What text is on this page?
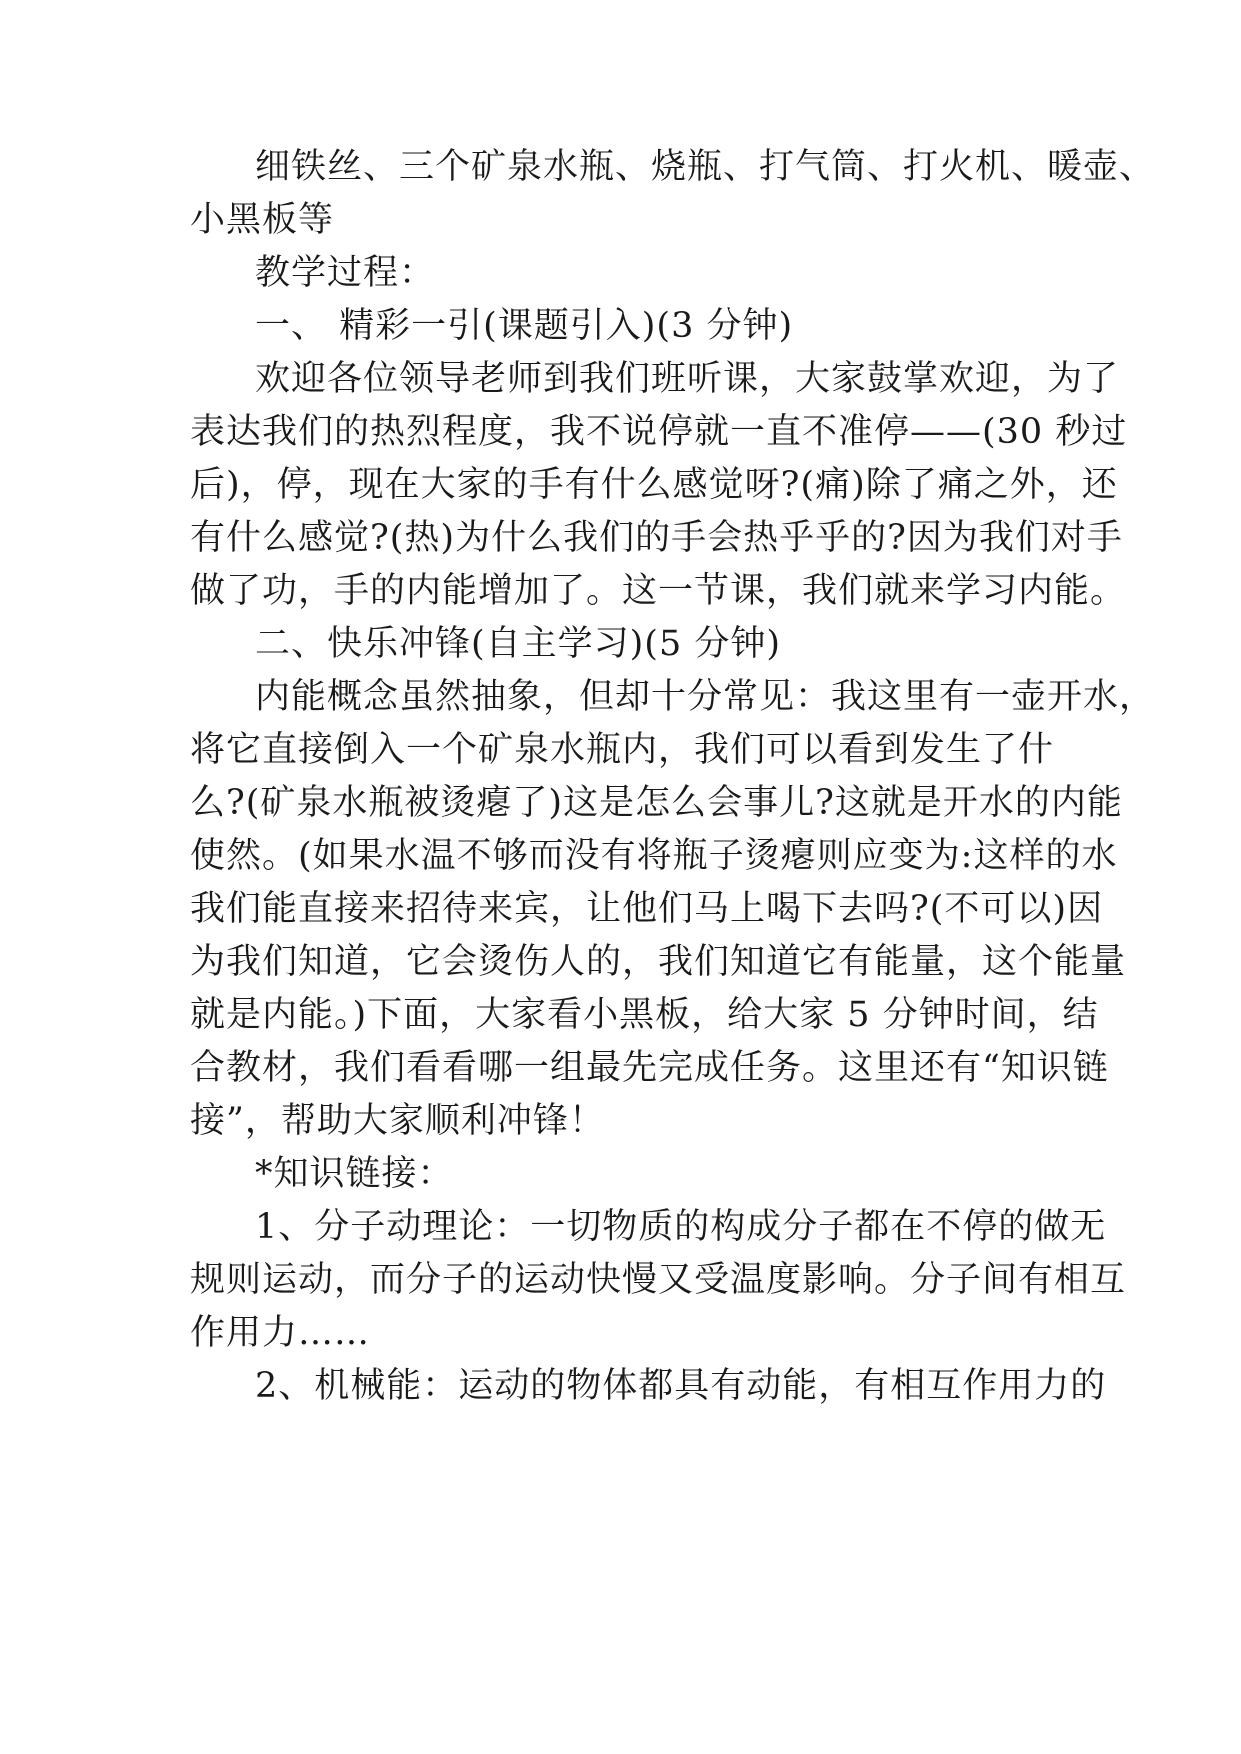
细铁丝、三个矿泉水瓶、烧瓶、打气筒、打火机、暖壶、

小黑板等

教学过程：

一、 精彩一引(课题引入)(3 分钟)

欢迎各位领导老师到我们班听课，大家鼓掌欢迎，为了

表达我们的热烈程度，我不说停就一直不准停——(30 秒过

后)，停，现在大家的手有什么感觉呀?(痛)除了痛之外，还

有什么感觉?(热)为什么我们的手会热乎乎的?因为我们对手

做了功，手的内能增加了。这一节课，我们就来学习内能。

二、快乐冲锋(自主学习)(5 分钟)

内能概念虽然抽象，但却十分常见：我这里有一壶开水，

将它直接倒入一个矿泉水瓶内，我们可以看到发生了什

么?(矿泉水瓶被烫瘪了)这是怎么会事儿?这就是开水的内能

使然。(如果水温不够而没有将瓶子烫瘪则应变为:这样的水

我们能直接来招待来宾，让他们马上喝下去吗?(不可以)因

为我们知道，它会烫伤人的，我们知道它有能量，这个能量

就是内能。)下面，大家看小黑板，给大家 5 分钟时间，结

合教材，我们看看哪一组最先完成任务。这里还有“知识链

接”，帮助大家顺利冲锋！

*知识链接：

1、分子动理论：一切物质的构成分子都在不停的做无

规则运动，而分子的运动快慢又受温度影响。分子间有相互

作用力……

2、机械能：运动的物体都具有动能，有相互作用力的
